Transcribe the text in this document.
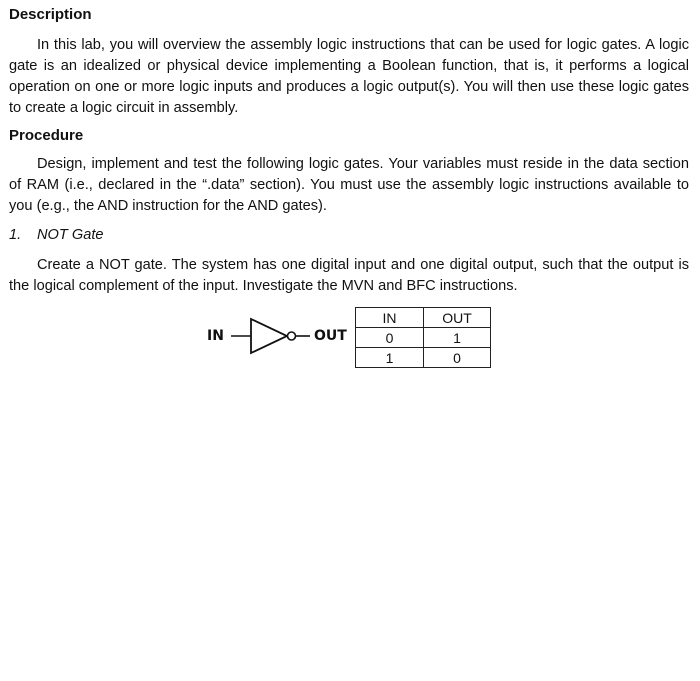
Description

In this lab, you will overview the assembly logic instructions that can be used for logic gates. A logic gate is an idealized or physical device implementing a Boolean function, that is, it performs a logical operation on one or more logic inputs and produces a logic output(s). You will then use these logic gates to create a logic circuit in assembly.

Procedure

Design, implement and test the following logic gates. Your variables must reside in the data section of RAM (i.e., declared in the “.data” section). You must use the assembly logic instructions available to you (e.g., the AND instruction for the AND gates).

1. NOT Gate

Create a NOT gate. The system has one digital input and one digital output, such that the output is the logical complement of the input. Investigate the MVN and BFC instructions.

IN	OUT
IN	OUT
0	1
1	0
